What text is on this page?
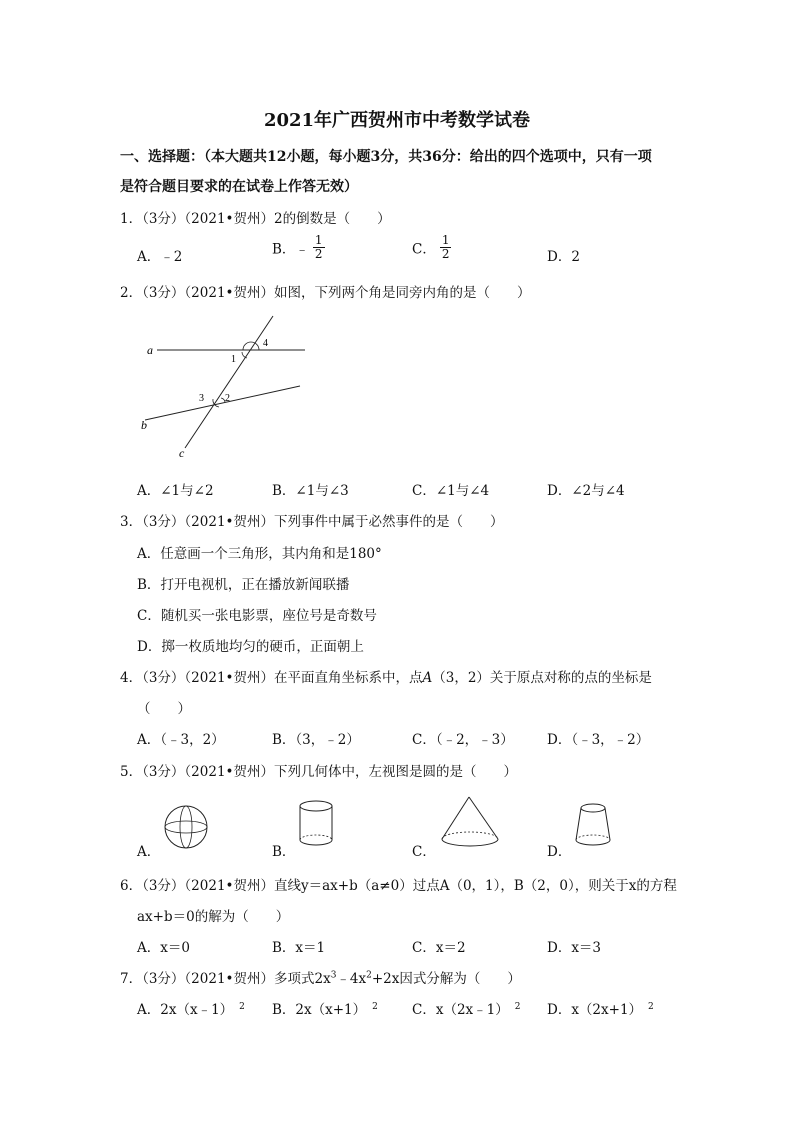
2021年广西贺州市中考数学试卷
一、选择题：（本大题共12小题，每小题3分，共36分：给出的四个选项中，只有一项
是符合题目要求的在试卷上作答无效）
1．（3分）（2021•贺州）2的倒数是（　　）
A．﹣2	B．﹣ $\frac{1}{2}$	C． $\frac{1}{2}$	D．2
2．（3分）（2021•贺州）如图，下列两个角是同旁内角的是（　　）
a
b
c
1
2
3
4
A．∠1与∠2	B．∠1与∠3	C．∠1与∠4	D．∠2与∠4
3．（3分）（2021•贺州）下列事件中属于必然事件的是（　　）
A．任意画一个三角形，其内角和是180°
B．打开电视机，正在播放新闻联播
C．随机买一张电影票，座位号是奇数号
D．掷一枚质地均匀的硬币，正面朝上
4．（3分）（2021•贺州）在平面直角坐标系中，点A（3，2）关于原点对称的点的坐标是
（　　）
A．（﹣3，2）	B．（3，﹣2）	C．（﹣2，﹣3） D．（﹣3，﹣2）
5．（3分）（2021•贺州）下列几何体中，左视图是圆的是（　　）
A．	B．	C．	D．
6．（3分）（2021•贺州）直线y＝ax+b（a≠0）过点A（0，1），B（2，0），则关于x的方程
ax+b＝0的解为（　　）
A．x＝0	B．x＝1	C．x＝2	D．x＝3
7．（3分）（2021•贺州）多项式$2x^3﹣4x^2+2x$因式分解为（　　）
A．2x（x﹣1） $^2$ B．2x（x+1） $^2$	C．x（2x﹣1） $^2$ D．x（2x+1） $^2$
